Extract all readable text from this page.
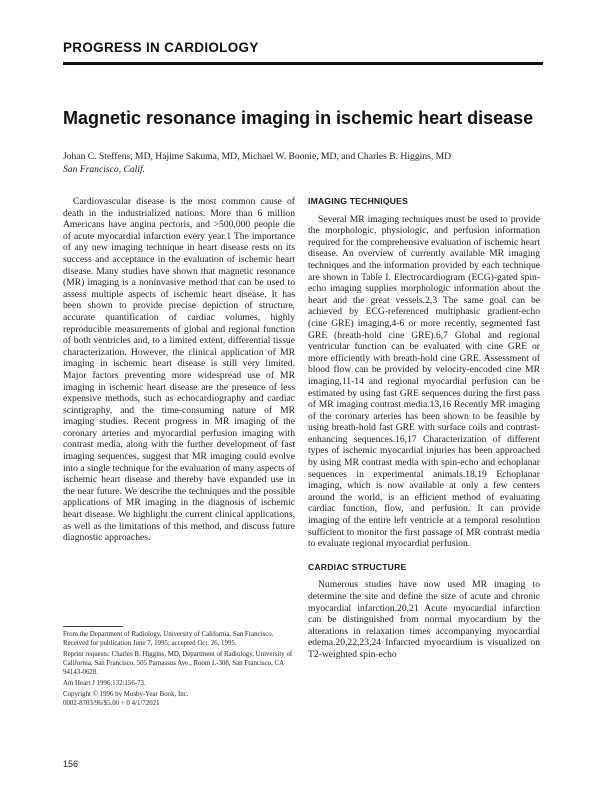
PROGRESS IN CARDIOLOGY
Magnetic resonance imaging in ischemic heart disease
Johan C. Steffens, MD, Hajime Sakuma, MD, Michael W. Boonie, MD, and Charles B. Higgins, MD
San Francisco, Calif.

Cardiovascular disease is the most common cause of death in the industrialized nations. More than 6 million Americans have angina pectoris, and >500,000 people die of acute myocardial infarction every year.1 The importance of any new imaging technique in heart disease rests on its success and acceptance in the evaluation of ischemic heart disease. Many studies have shown that magnetic resonance (MR) imaging is a noninvasive method that can be used to assess multiple aspects of ischemic heart disease. It has been shown to provide precise depiction of structure, accurate quantification of cardiac volumes, highly reproducible measurements of global and regional function of both ventricles and, to a limited extent, differential tissue characterization. However, the clinical application of MR imaging in ischemic heart disease is still very limited. Major factors preventing more widespread use of MR imaging in ischemic heart disease are the presence of less expensive methods, such as echocardiography and cardiac scintigraphy, and the time-consuming nature of MR imaging studies. Recent progress in MR imaging of the coronary arteries and myocardial perfusion imaging with contrast media, along with the further development of fast imaging sequences, suggest that MR imaging could evolve into a single technique for the evaluation of many aspects of ischemic heart disease and thereby have expanded use in the near future. We describe the techniques and the possible applications of MR imaging in the diagnosis of ischemic heart disease. We highlight the current clinical applications, as well as the limitations of this method, and discuss future diagnostic approaches.

IMAGING TECHNIQUES

Several MR imaging techniques must be used to provide the morphologic, physiologic, and perfusion information required for the comprehensive evaluation of ischemic heart disease. An overview of currently available MR imaging techniques and the information provided by each technique are shown in Table I. Electrocardiogram (ECG)-gated spin-echo imaging supplies morphologic information about the heart and the great vessels.2,3 The same goal can be achieved by ECG-referenced multiphasic gradient-echo (cine GRE) imaging,4-6 or more recently, segmented fast GRE (breath-hold cine GRE).6,7 Global and regional ventricular function can be evaluated with cine GRE or more efficiently with breath-hold cine GRE. Assessment of blood flow can be provided by velocity-encoded cine MR imaging,11-14 and regional myocardial perfusion can be estimated by using fast GRE sequences during the first pass of MR imaging contrast media.13,16 Recently MR imaging of the coronary arteries has been shown to be feasible by using breath-hold fast GRE with surface coils and contrast-enhancing sequences.16,17 Characterization of different types of ischemic myocardial injuries has been approached by using MR contrast media with spin-echo and echoplanar sequences in experimental animals.18,19 Echoplanar imaging, which is now available at only a few centers around the world, is an efficient method of evaluating cardiac function, flow, and perfusion. It can provide imaging of the entire left ventricle at a temporal resolution sufficient to monitor the first passage of MR contrast media to evaluate regional myocardial perfusion.

CARDIAC STRUCTURE

Numerous studies have now used MR imaging to determine the site and define the size of acute and chronic myocardial infarction.20,21 Acute myocardial infarction can be distinguished from normal myocardium by the alterations in relaxation times accompanying myocardial edema.20,22,23,24 Infarcted myocardium is visualized on T2-weighted spin-echo

From the Department of Radiology, University of California, San Francisco.
Received for publication June 7, 1995; accepted Oct. 26, 1995.
Reprint requests: Charles B. Higgins, MD, Department of Radiology, University of California, San Francisco, 505 Parnassus Ave., Room L-308, San Francisco, CA 94143-0628.
Am Heart J 1996;132:156-73.
Copyright © 1996 by Mosby-Year Book, Inc.
0002-8703/96/$5.00 + 0 4/1/72021
156
